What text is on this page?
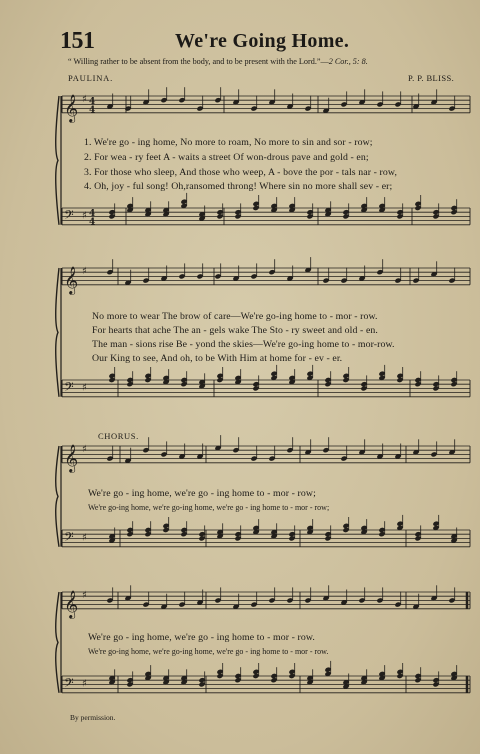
151	We're Going Home.
“ Willing rather to be absent from the body, and to be present with the Lord.”—2 Cor., 5: 8.
PAULINA.	P. P. BLISS.
𝄞 ♯ 4
4
𝄢 ♯ 4
4
𝄞 ♯
𝄢 ♯
𝄞 ♯
𝄢 ♯
𝄞 ♯
𝄢 ♯
1. We're go - ing home, No more to roam, No more to sin and sor - row;
2. For wea - ry feet A - waits a street Of won-drous pave and gold - en;
3. For those who sleep, And those who weep, A - bove the por - tals nar - row,
4. Oh, joy - ful song! Oh,ransomed throng! Where sin no more shall sev - er;
No more to wear The brow of care—We're go-ing home to - mor - row.
For hearts that ache The an - gels wake The Sto - ry sweet and old - en.
The man - sions rise Be - yond the skies—We're go-ing home to - mor-row.
Our King to see, And oh, to be With Him at home for - ev - er.
CHORUS.
We're go - ing home, we're go - ing home to - mor - row;
We're go-ing home, we're go-ing home, we're go - ing home to - mor - row;
We're go - ing home, we're go - ing home to - mor - row.
We're go-ing home, we're go-ing home, we're go - ing home to - mor - row.
By permission.
